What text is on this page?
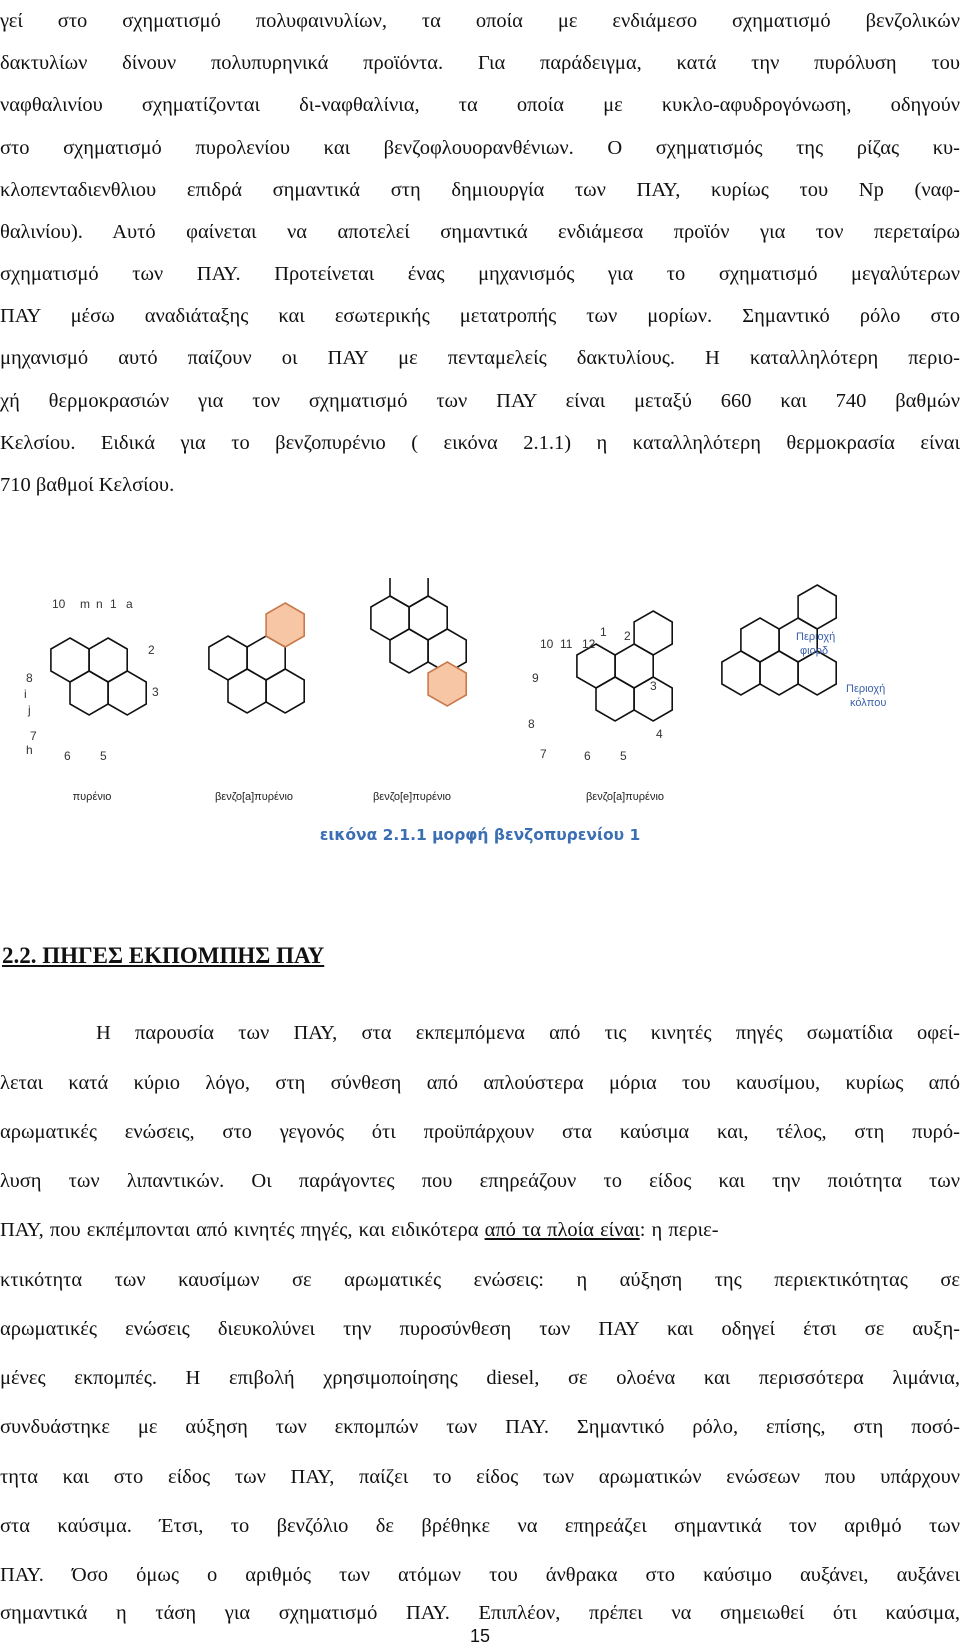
γεί στο σχηματισμό πολυφαινυλίων, τα οποία με ενδιάμεσο σχηματισμό βενζολικών
δακτυλίων δίνουν πολυπυρηνικά προϊόντα. Για παράδειγμα, κατά την πυρόλυση του
ναφθαλινίου σχηματίζονται δι-ναφθαλίνια, τα οποία με κυκλο-αφυδρογόνωση, οδηγούν
στο σχηματισμό πυρολενίου και βενζοφλουορανθένιων. Ο σχηματισμός της ρίζας κυ-
κλοπενταδιενθλιου επιδρά σημαντικά στη δημιουργία των ΠΑΥ, κυρίως του Np (ναφ-
θαλινίου). Αυτό φαίνεται να αποτελεί σημαντικά ενδιάμεσα προϊόν για τον περεταίρω
σχηματισμό των ΠΑΥ. Προτείνεται ένας μηχανισμός για το σχηματισμό μεγαλύτερων
ΠΑΥ μέσω αναδιάταξης και εσωτερικής μετατροπής των μορίων. Σημαντικό ρόλο στο
μηχανισμό αυτό παίζουν οι ΠΑΥ με πενταμελείς δακτυλίους. Η καταλληλότερη περιο-
χή θερμοκρασιών για τον σχηματισμό των ΠΑΥ είναι μεταξύ 660 και 740 βαθμών
Κελσίου. Ειδικά για το βενζοπυρένιο ( εικόνα 2.1.1) η καταλληλότερη θερμοκρασία είναι
710 βαθμοί Κελσίου.
10 m n 1 a
2
8
i	3
j
7
h	6 5
10 11 12
1 2
9
3
8
7	6 5
4
Περιοχή
φιορδ
Περιοχή
κόλπου
πυρένιο	βενζο[a]πυρένιο	βενζο[e]πυρένιο	βενζο[a]πυρένιο
εικόνα 2.1.1 μορφή βενζοπυρενίου 1
2.2. ΠΗΓΕΣ ΕΚΠΟΜΠΗΣ ΠΑΥ
Η παρουσία των ΠΑΥ, στα εκπεμπόμενα από τις κινητές πηγές σωματίδια οφεί-
λεται κατά κύριο λόγο, στη σύνθεση από απλούστερα μόρια του καυσίμου, κυρίως από
αρωματικές ενώσεις, στο γεγονός ότι προϋπάρχουν στα καύσιμα και, τέλος, στη πυρό-
λυση των λιπαντικών. Οι παράγοντες που επηρεάζουν το είδος και την ποιότητα των
ΠΑΥ, που εκπέμπονται από κινητές πηγές, και ειδικότερα από τα πλοία είναι: η περιε-
κτικότητα των καυσίμων σε αρωματικές ενώσεις: η αύξηση της περιεκτικότητας σε
αρωματικές ενώσεις διευκολύνει την πυροσύνθεση των ΠΑΥ και οδηγεί έτσι σε αυξη-
μένες εκπομπές. Η επιβολή χρησιμοποίησης diesel, σε ολοένα και περισσότερα λιμάνια,
συνδυάστηκε με αύξηση των εκπομπών των ΠΑΥ. Σημαντικό ρόλο, επίσης, στη ποσό-
τητα και στο είδος των ΠΑΥ, παίζει το είδος των αρωματικών ενώσεων που υπάρχουν
στα καύσιμα. Έτσι, το βενζόλιο δε βρέθηκε να επηρεάζει σημαντικά τον αριθμό των
ΠΑΥ. Όσο όμως ο αριθμός των ατόμων του άνθρακα στο καύσιμο αυξάνει, αυξάνει
σημαντικά η τάση για σχηματισμό ΠΑΥ. Επιπλέον, πρέπει να σημειωθεί ότι καύσιμα,
15
